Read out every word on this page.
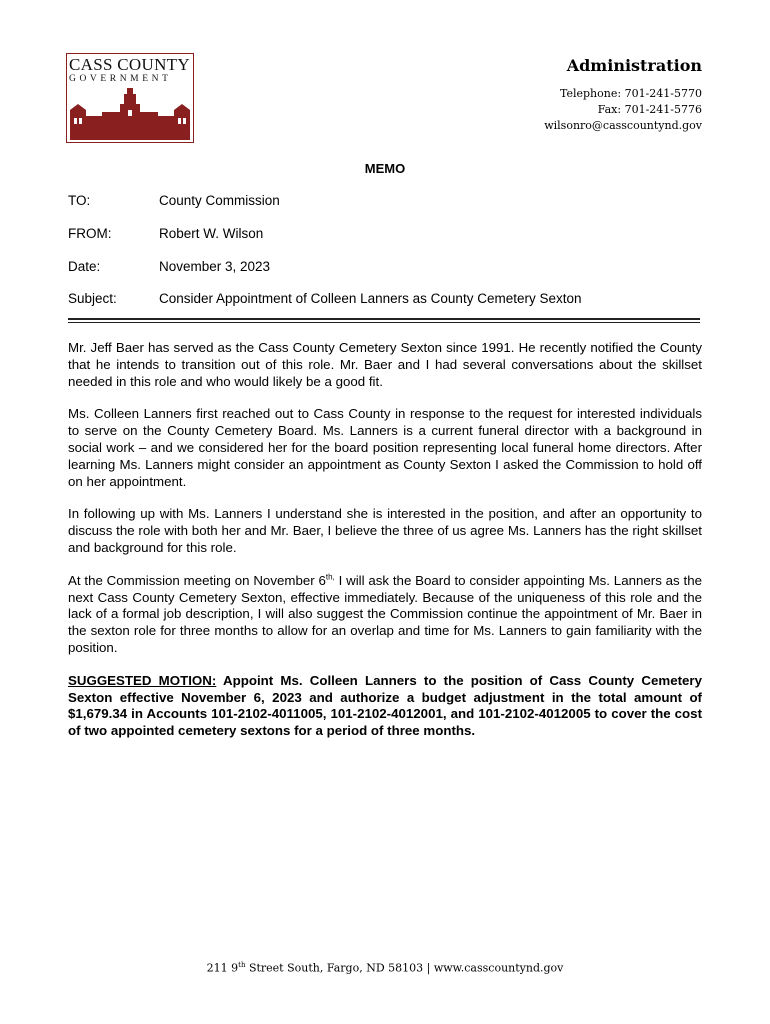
CASS COUNTY
GOVERNMENT
Administration
Telephone: 701-241-5770
Fax: 701-241-5776
wilsonro@casscountynd.gov
MEMO
TO:	County Commission
FROM:	Robert W. Wilson
Date:	November 3, 2023
Subject:	Consider Appointment of Colleen Lanners as County Cemetery Sexton

Mr. Jeff Baer has served as the Cass County Cemetery Sexton since 1991. He recently notified the County that he intends to transition out of this role. Mr. Baer and I had several conversations about the skillset needed in this role and who would likely be a good fit.

Ms. Colleen Lanners first reached out to Cass County in response to the request for interested individuals to serve on the County Cemetery Board. Ms. Lanners is a current funeral director with a background in social work – and we considered her for the board position representing local funeral home directors. After learning Ms. Lanners might consider an appointment as County Sexton I asked the Commission to hold off on her appointment.

In following up with Ms. Lanners I understand she is interested in the position, and after an opportunity to discuss the role with both her and Mr. Baer, I believe the three of us agree Ms. Lanners has the right skillset and background for this role.

At the Commission meeting on November $6^{th,}$ I will ask the Board to consider appointing Ms. Lanners as the next Cass County Cemetery Sexton, effective immediately. Because of the uniqueness of this role and the lack of a formal job description, I will also suggest the Commission continue the appointment of Mr. Baer in the sexton role for three months to allow for an overlap and time for Ms. Lanners to gain familiarity with the position.

SUGGESTED MOTION: Appoint Ms. Colleen Lanners to the position of Cass County Cemetery Sexton effective November 6, 2023 and authorize a budget adjustment in the total amount of $1,679.34 in Accounts 101-2102-4011005, 101-2102-4012001, and 101-2102-4012005 to cover the cost of two appointed cemetery sextons for a period of three months.

211 9th Street South, Fargo, ND 58103 | www.casscountynd.gov
